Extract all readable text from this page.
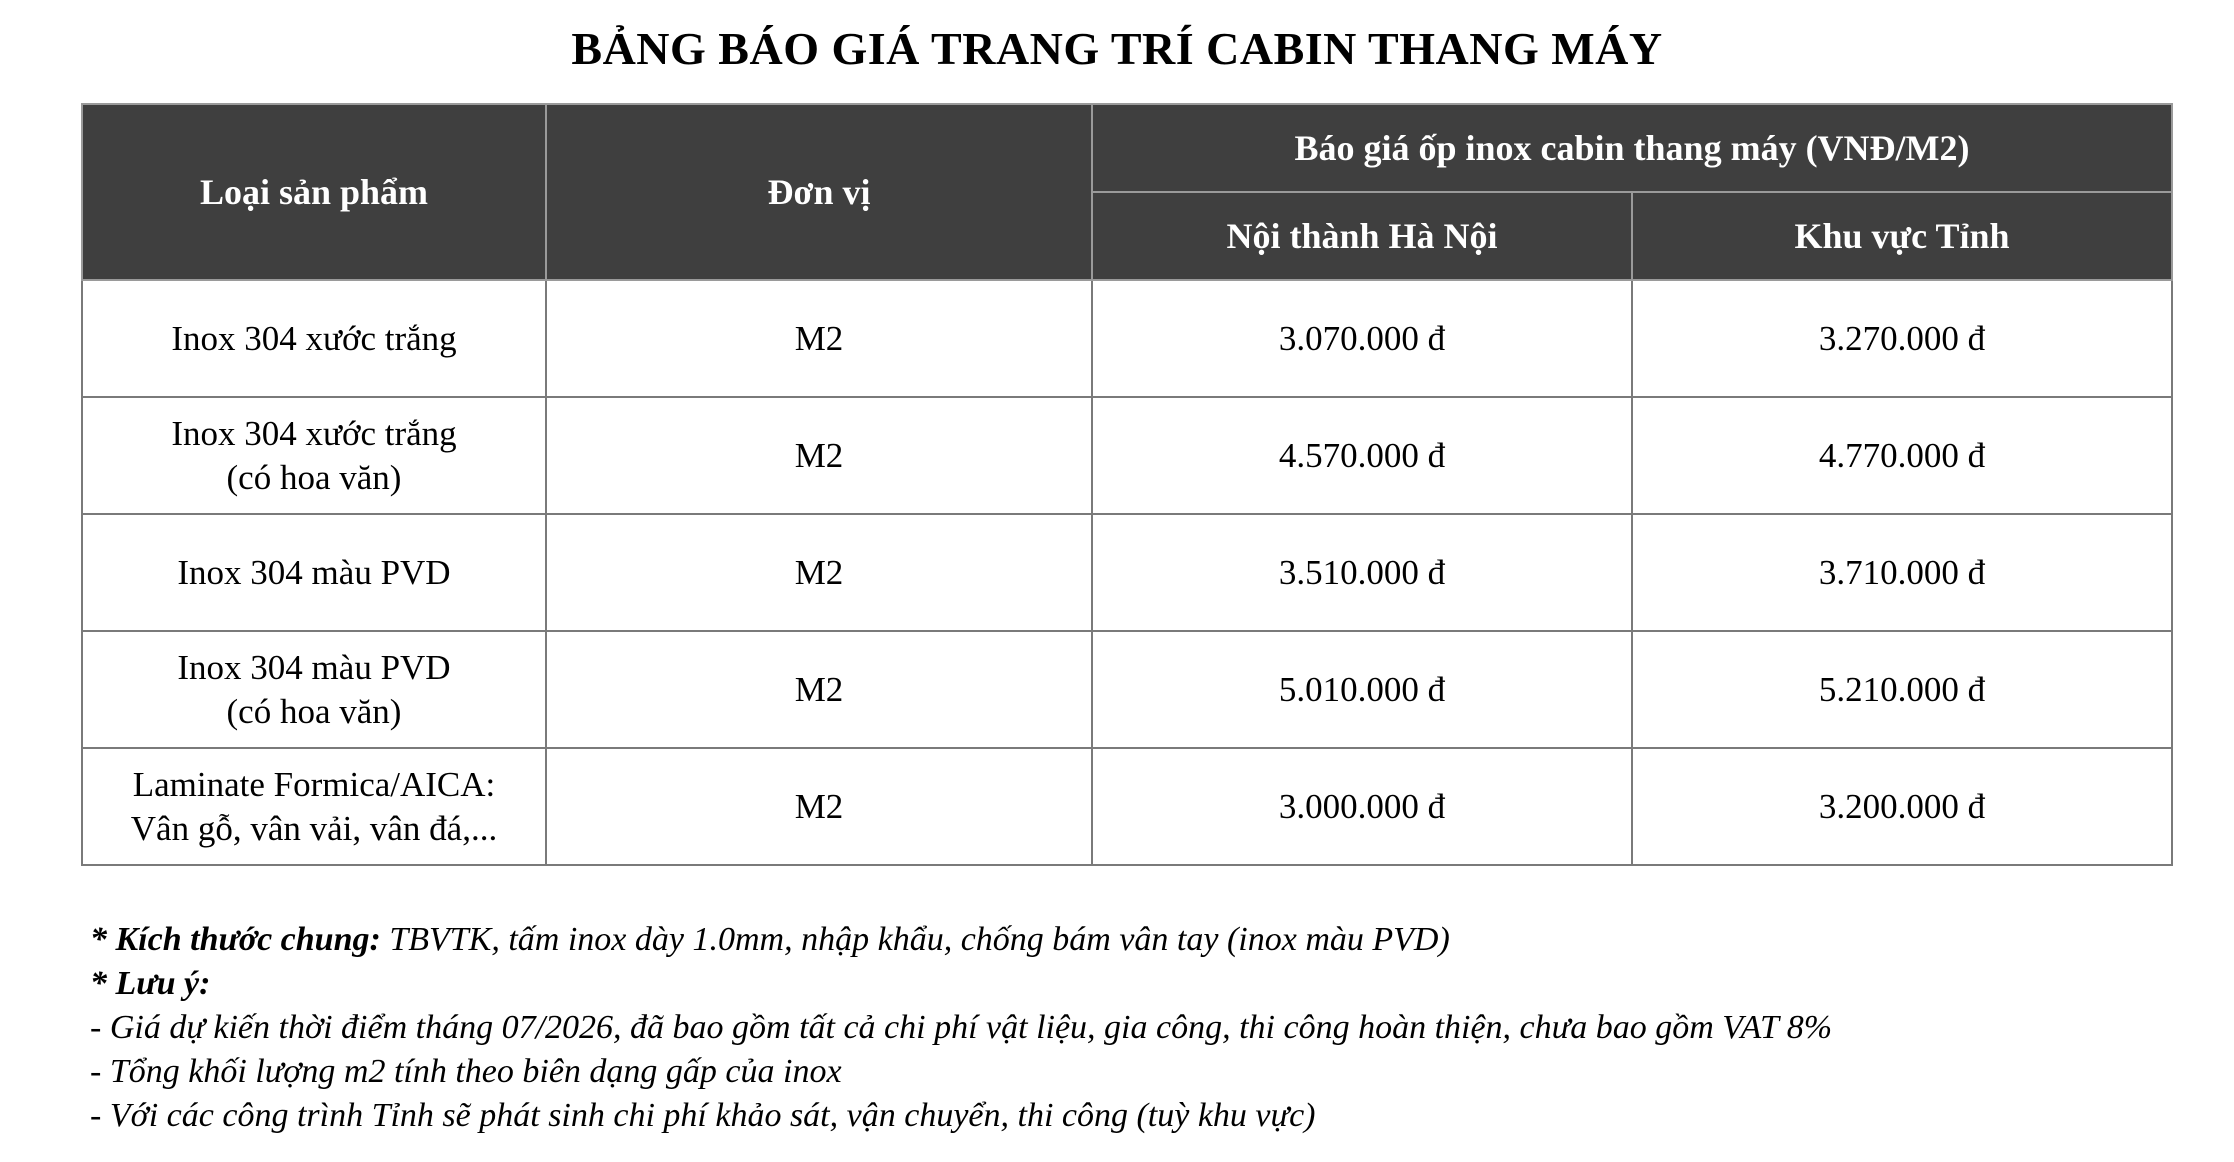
BẢNG BÁO GIÁ TRANG TRÍ CABIN THANG MÁY
Loại sản phẩm	Đơn vị	Báo giá ốp inox cabin thang máy (VNĐ/M2)	
		Nội thành Hà Nội	Khu vực Tỉnh

Inox 304 xước trắng	M2	3.070.000 đ	3.270.000 đ

Inox 304 xước trắng
(có hoa văn)	M2	4.570.000 đ	4.770.000 đ

Inox 304 màu PVD	M2	3.510.000 đ	3.710.000 đ

Inox 304 màu PVD
(có hoa văn)	M2	5.010.000 đ	5.210.000 đ

Laminate Formica/AICA:
Vân gỗ, vân vải, vân đá,...	M2	3.000.000 đ	3.200.000 đ
* Kích thước chung: TBVTK, tấm inox dày 1.0mm, nhập khẩu, chống bám vân tay (inox màu PVD)
* Lưu ý:
- Giá dự kiến thời điểm tháng 07/2026, đã bao gồm tất cả chi phí vật liệu, gia công, thi công hoàn thiện, chưa bao gồm VAT 8%
- Tổng khối lượng m2 tính theo biên dạng gấp của inox
- Với các công trình Tỉnh sẽ phát sinh chi phí khảo sát, vận chuyển, thi công (tuỳ khu vực)
